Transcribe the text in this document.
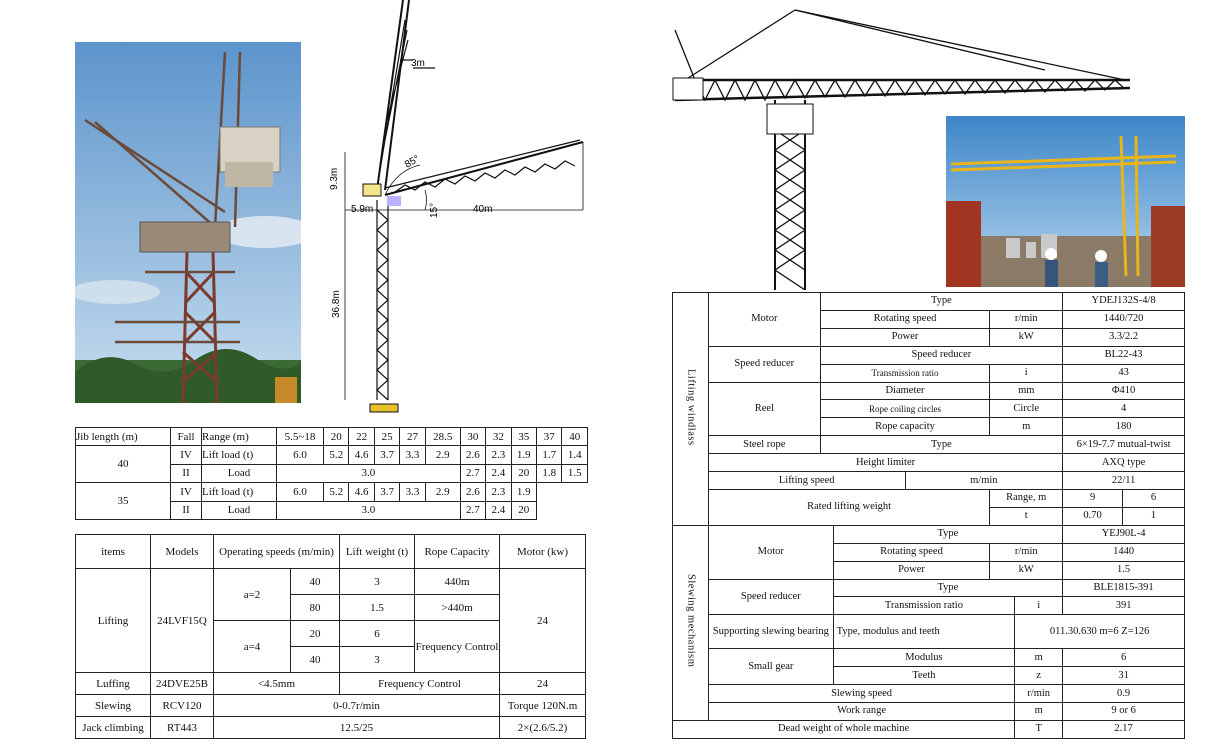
3m
9.3m
85°
15°
5.9m	40m
36.8m
Jib length (m)	Fall	Range (m)	5.5~18	20	22	25	27	28.5	30	32	35	37	40
40	IV	Lift load (t)	6.0	5.2	4.6	3.7	3.3	2.9	2.6	2.3	1.9	1.7	1.4
	II	Load	3.0						2.7	2.4	20	1.8	1.5
35	IV	Lift load (t)	6.0	5.2	4.6	3.7	3.3	2.9	2.6	2.3	1.9		
	II	Load	3.0						2.7	2.4	20		
items	Models	Operating speeds (m/min)		Lift weight (t)	Rope Capacity	Motor (kw)
Lifting	24LVF15Q	a=2	40	3	440m	24
			80	1.5	>440m	
		a=4	20	6	Frequency Control	
			40	3		
Luffing	24DVE25B	<4.5mm		Frequency Control		24
Slewing	RCV120	0-0.7r/min				Torque 120N.m
Jack climbing	RT443	12.5/25				2×(2.6/5.2)
Lifting windlass	Motor	Type					YDEJ132S-4/8	
		Rotating speed			r/min		1440/720	
		Power			kW		3.3/2.2	
	Speed reducer	Speed reducer					BL22-43	
		Transmission ratio			i		43	
	Reel	Diameter			mm		Φ410	
		Rope coiling circles			Circle		4	
		Rope capacity			m		180	
	Steel rope	Type					6×19-7.7 mutual-twist	
	Height limiter						AXQ type	
	Lifting speed			m/min			22/11	
	Rated lifting weight				Range, m		9	6
					t		0.70	1
Slewing mechanism	Motor		Type				YEJ90L-4	
			Rotating speed		r/min		1440	
			Power		kW		1.5	
	Speed reducer		Type				BLE1815-391	
			Transmission ratio			i	391	
	Supporting slewing bearing		Type, modulus and teeth			011.30.630 m=6 Z=126		
	Small gear		Modulus			m	6	
			Teeth			z	31	
	Slewing speed					r/min	0.9	
	Work range					m	9 or 6	
Dead weight of whole machine						T	2.17	
